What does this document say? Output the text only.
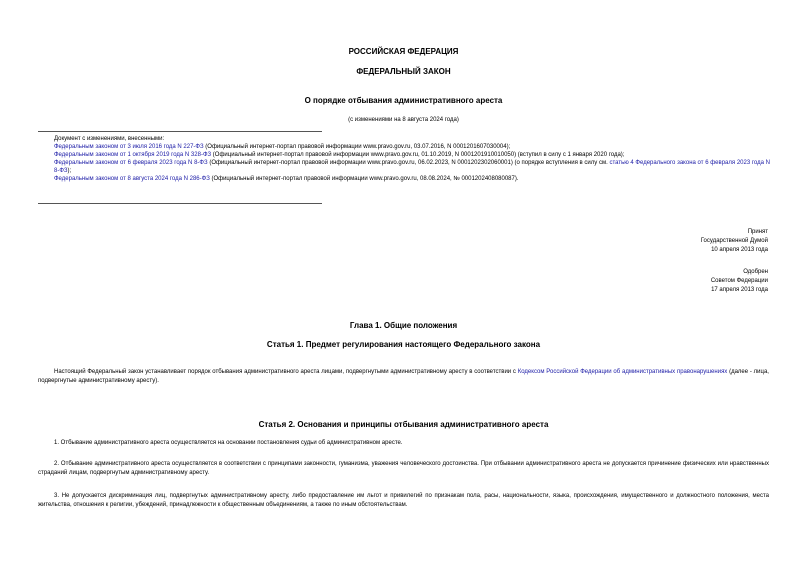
РОССИЙСКАЯ ФЕДЕРАЦИЯ
ФЕДЕРАЛЬНЫЙ ЗАКОН
О порядке отбывания административного ареста
(с изменениями на 8 августа 2024 года)
Документ с изменениями, внесенными:
Федеральным законом от 3 июля 2016 года N 227-ФЗ (Официальный интернет-портал правовой информации www.pravo.gov.ru, 03.07.2016, N 0001201607030004);
Федеральным законом от 1 октября 2019 года N 328-ФЗ (Официальный интернет-портал правовой информации www.pravo.gov.ru, 01.10.2019, N 0001201910010050) (вступил в силу с 1 января 2020 года);
Федеральным законом от 6 февраля 2023 года N 8-ФЗ (Официальный интернет-портал правовой информации www.pravo.gov.ru, 06.02.2023, N 0001202302060001) (о порядке вступления в силу см. статью 4 Федерального закона от 6 февраля 2023 года N 8-ФЗ);
Федеральным законом от 8 августа 2024 года N 286-ФЗ (Официальный интернет-портал правовой информации www.pravo.gov.ru, 08.08.2024, № 0001202408080087).
Принят
Государственной Думой
10 апреля 2013 года
Одобрен
Советом Федерации
17 апреля 2013 года
Глава 1. Общие положения
Статья 1. Предмет регулирования настоящего Федерального закона
Настоящий Федеральный закон устанавливает порядок отбывания административного ареста лицами, подвергнутыми административному аресту в соответствии с Кодексом Российской Федерации об административных правонарушениях (далее - лица, подвергнутые административному аресту).
Статья 2. Основания и принципы отбывания административного ареста
1. Отбывание административного ареста осуществляется на основании постановления судьи об административном аресте.
2. Отбывание административного ареста осуществляется в соответствии с принципами законности, гуманизма, уважения человеческого достоинства. При отбывании административного ареста не допускается причинение физических или нравственных страданий лицам, подвергнутым административному аресту.
3. Не допускается дискриминация лиц, подвергнутых административному аресту, либо предоставление им льгот и привилегий по признакам пола, расы, национальности, языка, происхождения, имущественного и должностного положения, места жительства, отношения к религии, убеждений, принадлежности к общественным объединениям, а также по иным обстоятельствам.
